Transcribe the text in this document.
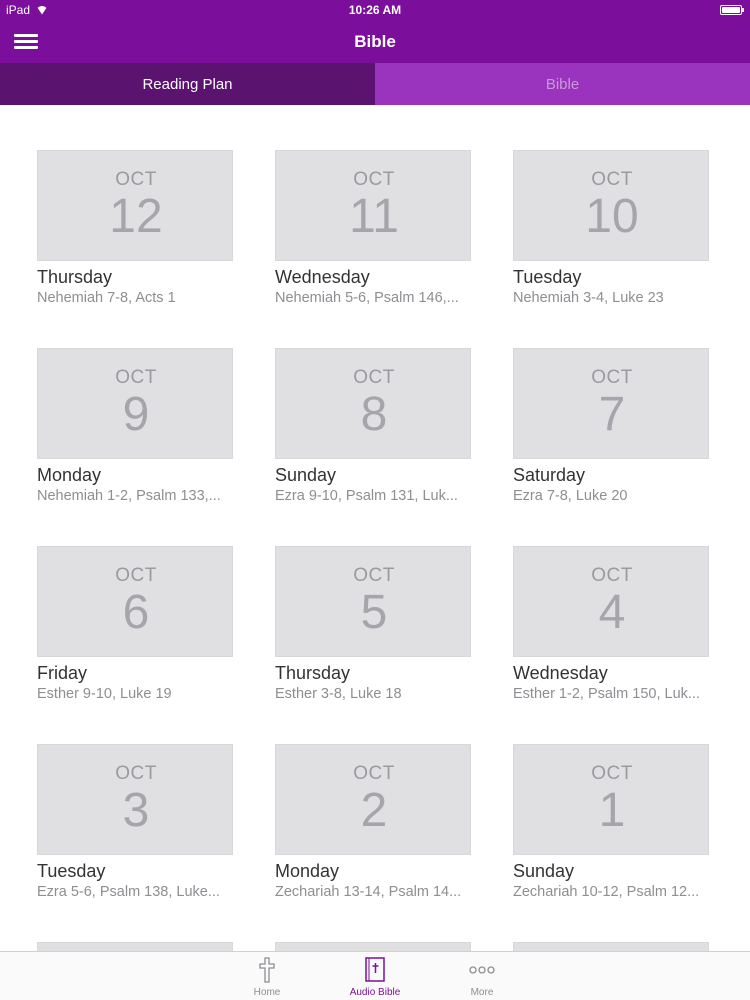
iPad	10:26 AM
Bible
Reading Plan	Bible
OCT
12
Thursday
Nehemiah 7-8, Acts 1
OCT
11
Wednesday
Nehemiah 5-6, Psalm 146,...
OCT
10
Tuesday
Nehemiah 3-4, Luke 23
OCT
9
Monday
Nehemiah 1-2, Psalm 133,...
OCT
8
Sunday
Ezra 9-10, Psalm 131, Luk...
OCT
7
Saturday
Ezra 7-8, Luke 20
OCT
6
Friday
Esther 9-10, Luke 19
OCT
5
Thursday
Esther 3-8, Luke 18
OCT
4
Wednesday
Esther 1-2, Psalm 150, Luk...
OCT
3
Tuesday
Ezra 5-6, Psalm 138, Luke...
OCT
2
Monday
Zechariah 13-14, Psalm 14...
OCT
1
Sunday
Zechariah 10-12, Psalm 12...
Home	Audio Bible	More
